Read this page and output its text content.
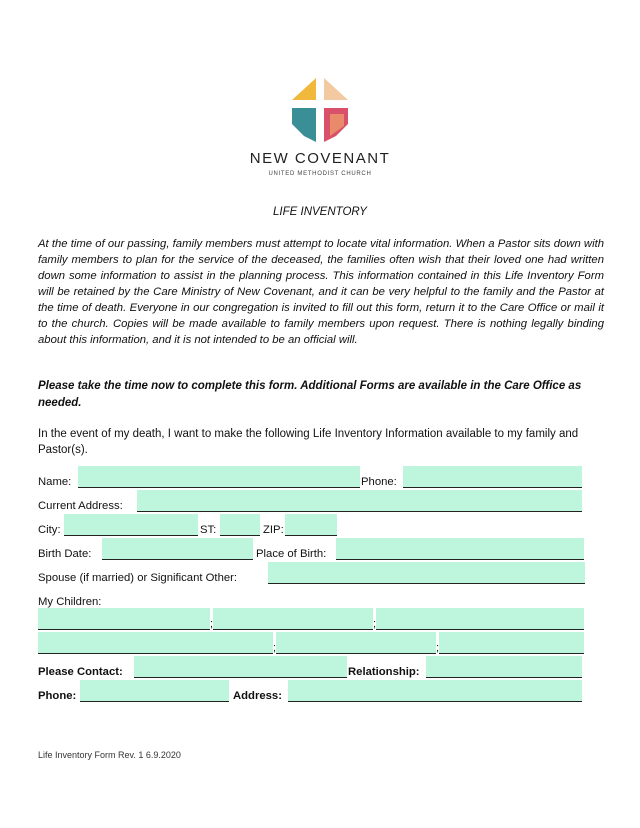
NEW COVENANT
UNITED METHODIST CHURCH
LIFE INVENTORY

At the time of our passing, family members must attempt to locate vital information. When a Pastor sits down with family members to plan for the service of the deceased, the families often wish that their loved one had written down some information to assist in the planning process. This information contained in this Life Inventory Form will be retained by the Care Ministry of New Covenant, and it can be very helpful to the family and the Pastor at the time of death. Everyone in our congregation is invited to fill out this form, return it to the Care Office or mail it to the church. Copies will be made available to family members upon request. There is nothing legally binding about this information, and it is not intended to be an official will.

Please take the time now to complete this form. Additional Forms are available in the Care Office as needed.

In the event of my death, I want to make the following Life Inventory Information available to my family and Pastor(s).

Name:	Phone:
Current Address:
City:	ST:	ZIP:
Birth Date:	Place of Birth:
Spouse (if married) or Significant Other:
My Children:
;	;
;	;
Please Contact:	Relationship:
Phone:	Address:
Life Inventory Form Rev. 1 6.9.2020
